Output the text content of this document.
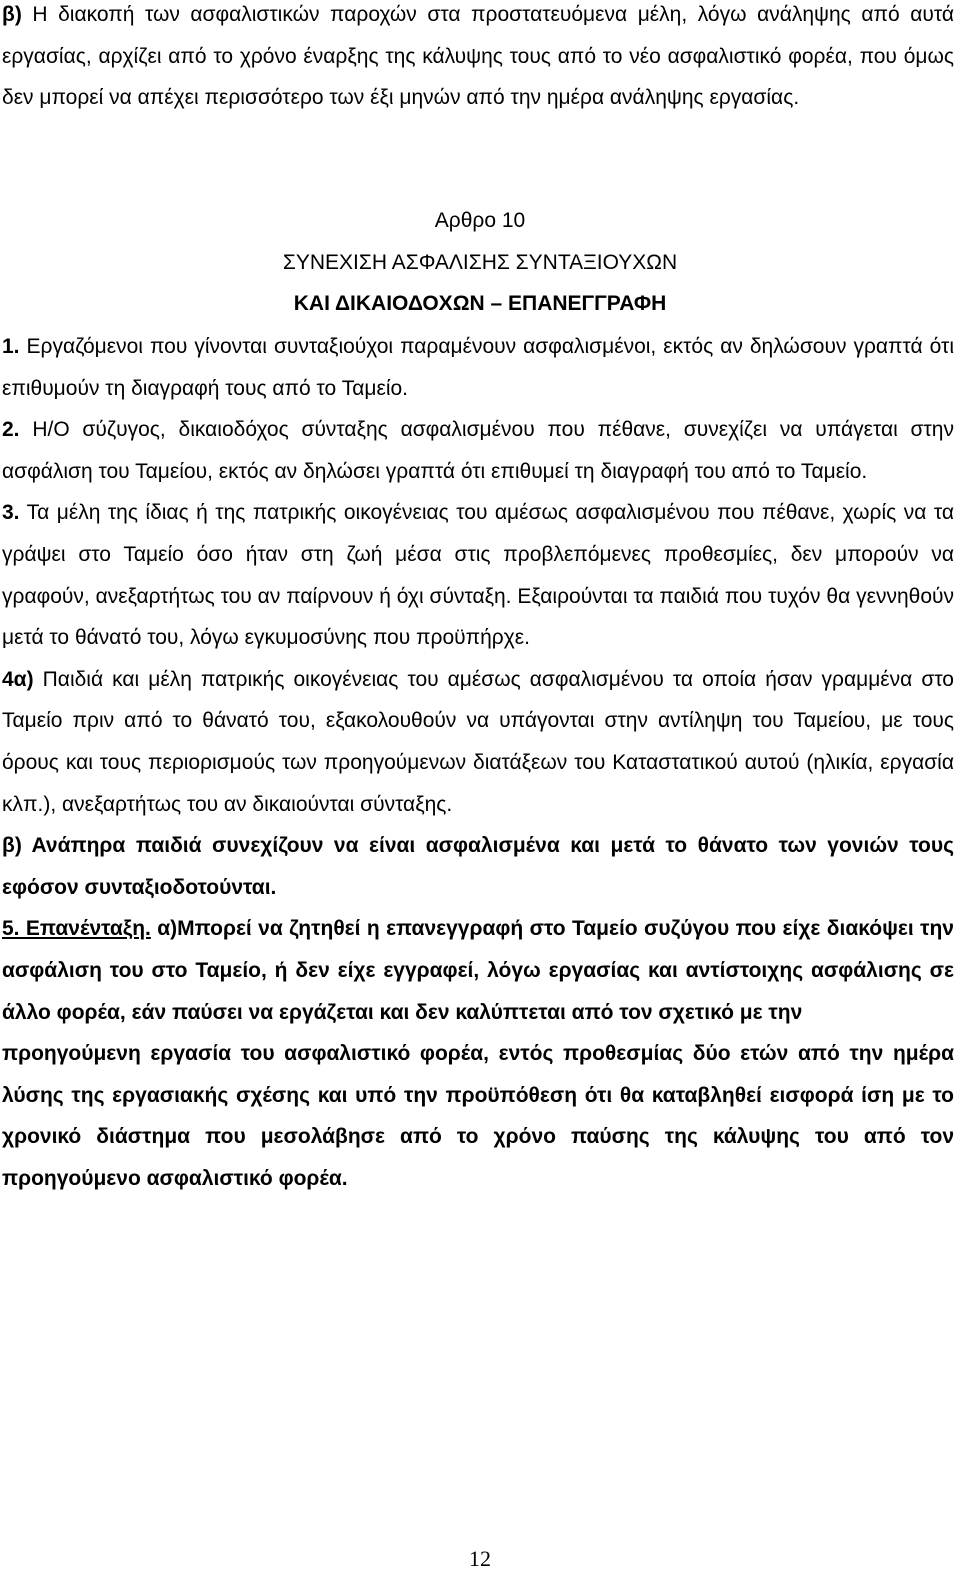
β) Η διακοπή των ασφαλιστικών παροχών στα προστατευόμενα μέλη, λόγω ανάληψης από αυτά εργασίας, αρχίζει από το χρόνο έναρξης της κάλυψης τους από το νέο ασφαλιστικό φορέα, που όμως δεν μπορεί να απέχει περισσότερο των έξι μηνών από την ημέρα ανάληψης εργασίας.

Αρθρο 10

ΣΥΝΕΧΙΣΗ ΑΣΦΑΛΙΣΗΣ ΣΥΝΤΑΞΙΟΥΧΩΝ

ΚΑΙ ΔΙΚΑΙΟΔΟΧΩΝ – ΕΠΑΝΕΓΓΡΑΦΗ

1. Εργαζόμενοι που γίνονται συνταξιούχοι παραμένουν ασφαλισμένοι, εκτός αν δηλώσουν γραπτά ότι επιθυμούν τη διαγραφή τους από το Ταμείο.

2. Η/Ο σύζυγος, δικαιοδόχος σύνταξης ασφαλισμένου που πέθανε, συνεχίζει να υπάγεται στην ασφάλιση του Ταμείου, εκτός αν δηλώσει γραπτά ότι επιθυμεί τη διαγραφή του από το Ταμείο.

3. Τα μέλη της ίδιας ή της πατρικής οικογένειας του αμέσως ασφαλισμένου που πέθανε, χωρίς να τα γράψει στο Ταμείο όσο ήταν στη ζωή μέσα στις προβλεπόμενες προθεσμίες, δεν μπορούν να γραφούν, ανεξαρτήτως του αν παίρνουν ή όχι σύνταξη. Εξαιρούνται τα παιδιά που τυχόν θα γεννηθούν μετά το θάνατό του, λόγω εγκυμοσύνης που προϋπήρχε.

4α) Παιδιά και μέλη πατρικής οικογένειας του αμέσως ασφαλισμένου τα οποία ήσαν γραμμένα στο Ταμείο πριν από το θάνατό του, εξακολουθούν να υπάγονται στην αντίληψη του Ταμείου, με τους όρους και τους περιορισμούς των προηγούμενων διατάξεων του Καταστατικού αυτού (ηλικία, εργασία κλπ.), ανεξαρτήτως του αν δικαιούνται σύνταξης.

β) Ανάπηρα παιδιά συνεχίζουν να είναι ασφαλισμένα και μετά το θάνατο των γονιών τους εφόσον συνταξιοδοτούνται.

5. Επανένταξη. α)Μπορεί να ζητηθεί η επανεγγραφή στο Ταμείο συζύγου που είχε διακόψει την ασφάλιση του στο Ταμείο, ή δεν είχε εγγραφεί, λόγω εργασίας και αντίστοιχης ασφάλισης σε άλλο φορέα, εάν παύσει να εργάζεται και δεν καλύπτεται από τον σχετικό με την
προηγούμενη εργασία του ασφαλιστικό φορέα, εντός προθεσμίας δύο ετών από την ημέρα λύσης της εργασιακής σχέσης και υπό την προϋπόθεση ότι θα καταβληθεί εισφορά ίση με το χρονικό διάστημα που μεσολάβησε από το χρόνο παύσης της κάλυψης του από τον προηγούμενο ασφαλιστικό φορέα.

12
